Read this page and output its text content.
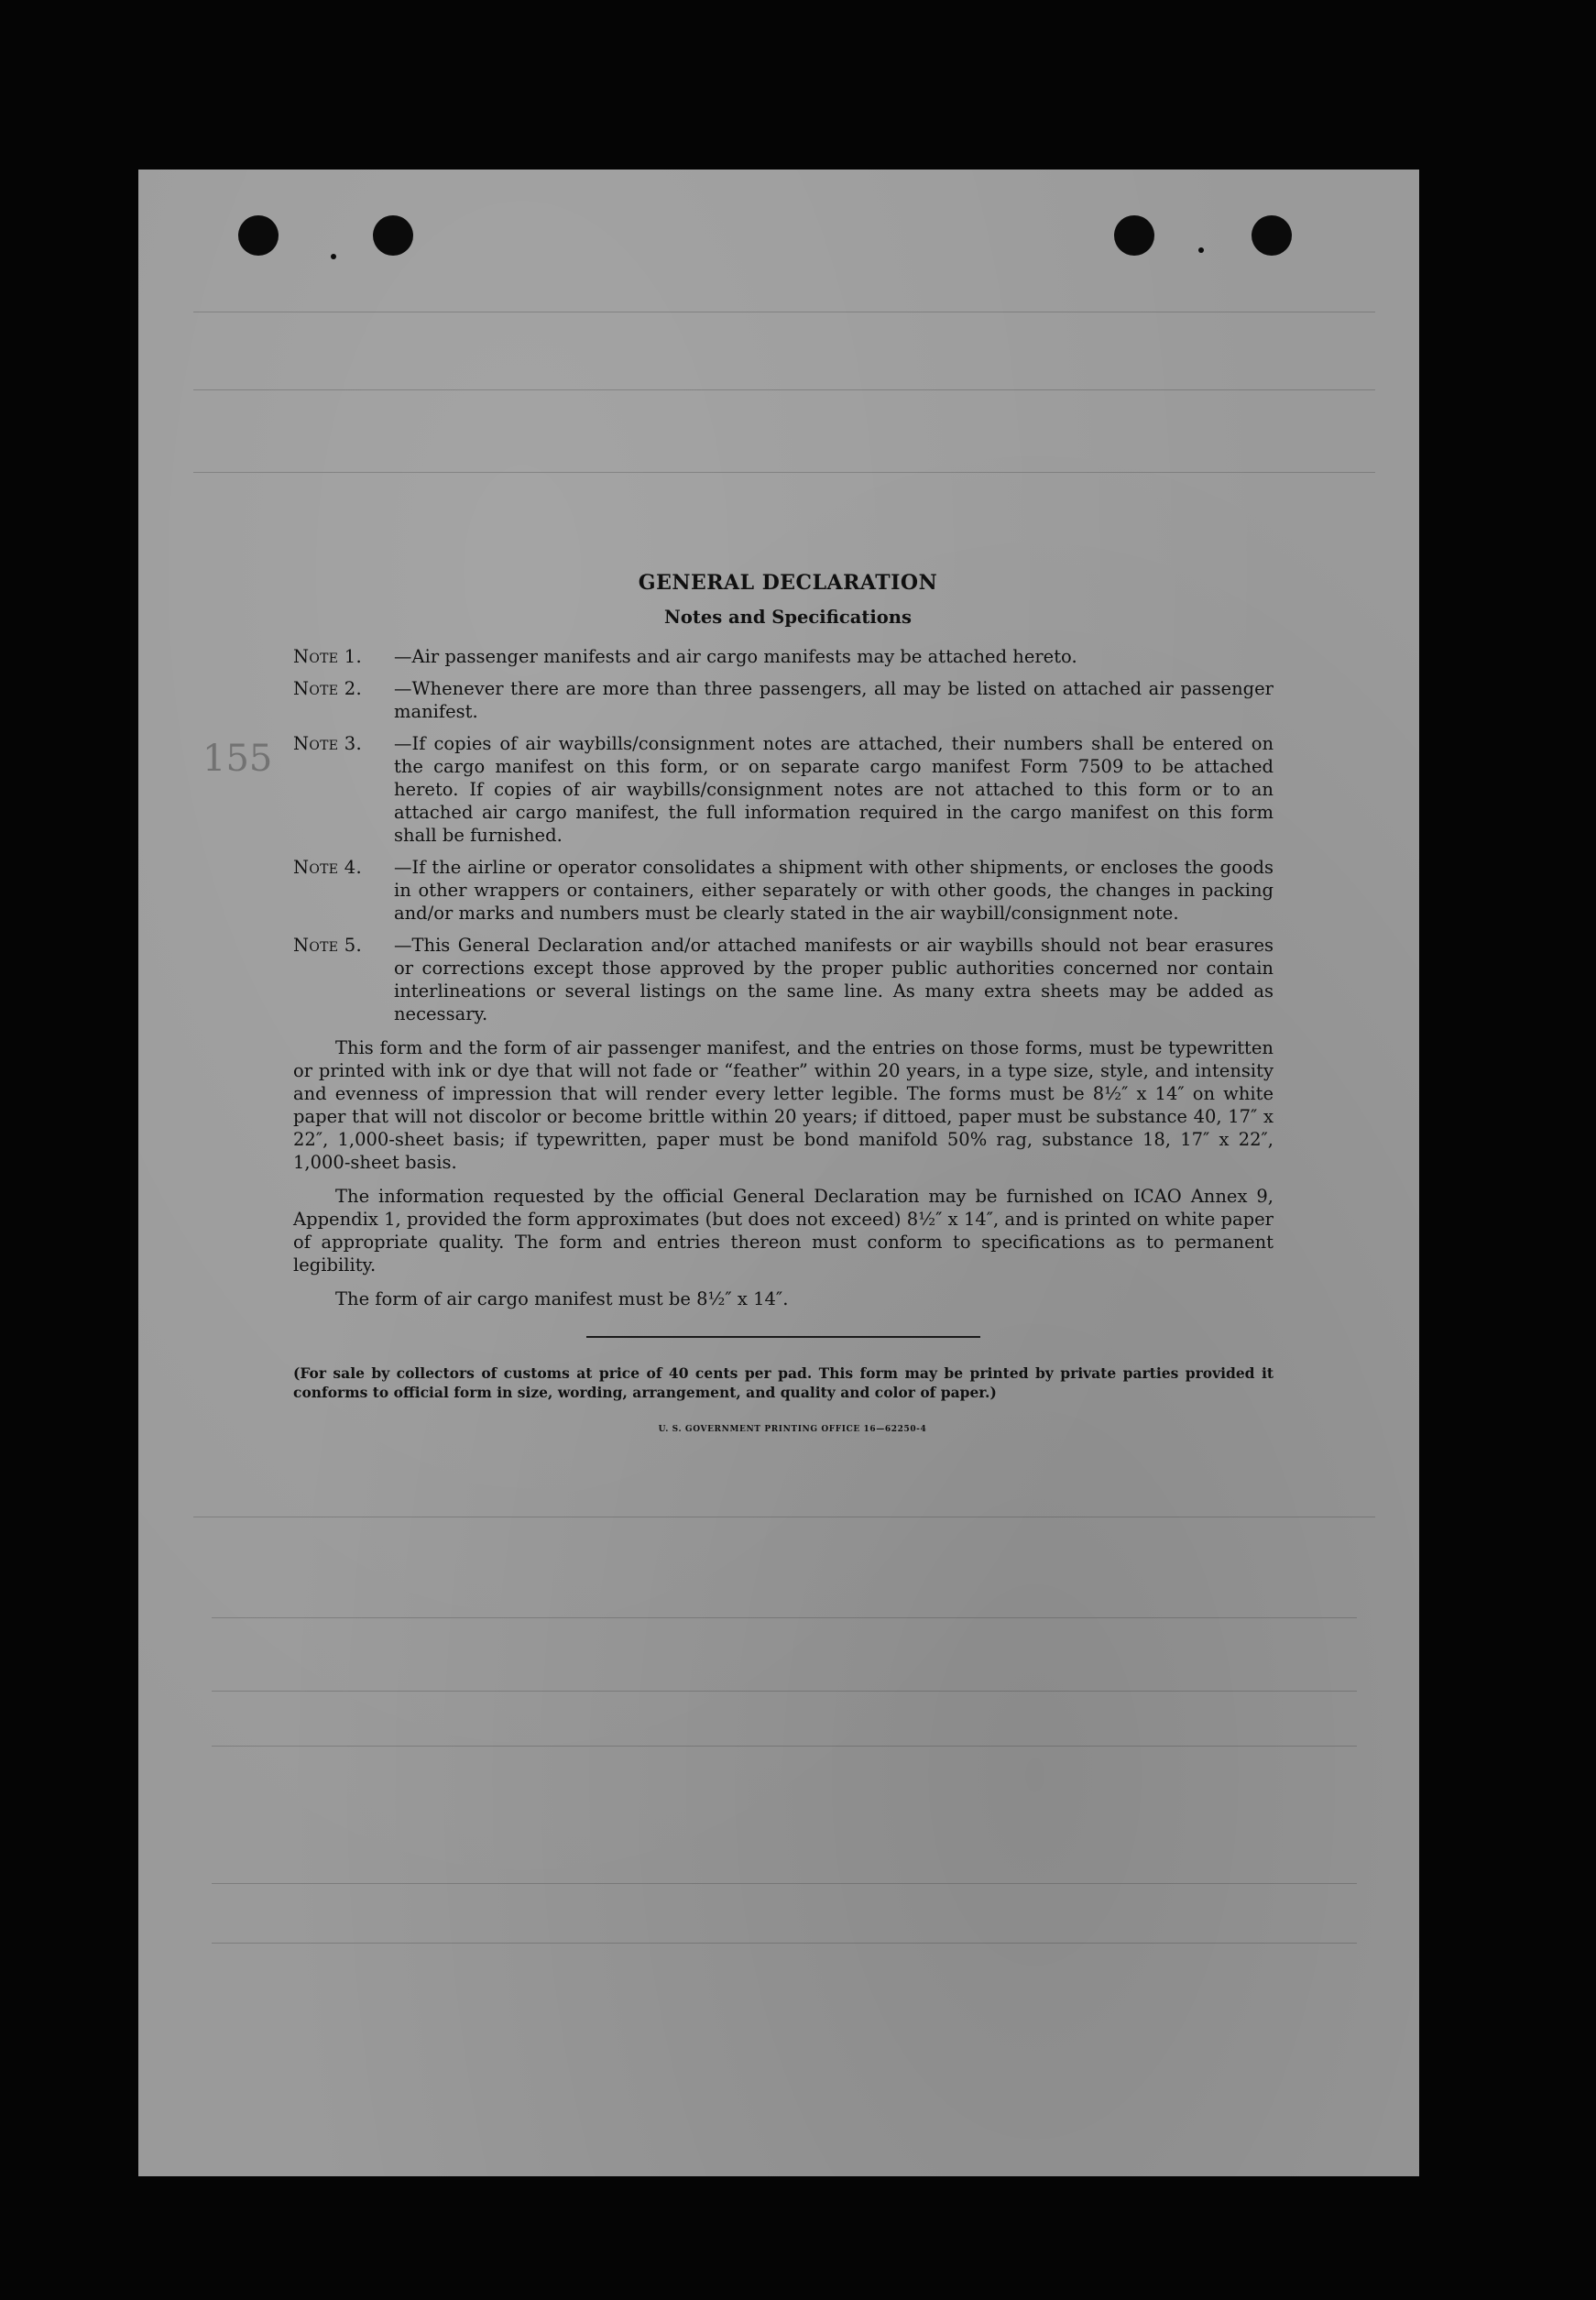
155
GENERAL DECLARATION
Notes and Specifications
Note 1.	—Air passenger manifests and air cargo manifests may be attached hereto.
Note 2.	—Whenever there are more than three passengers, all may be listed on attached air passenger manifest.
Note 3.	—If copies of air waybills/consignment notes are attached, their numbers shall be entered on the cargo manifest on this form, or on separate cargo manifest Form 7509 to be attached hereto. If copies of air waybills/consignment notes are not attached to this form or to an attached air cargo manifest, the full information required in the cargo manifest on this form shall be furnished.
Note 4.	—If the airline or operator consolidates a shipment with other shipments, or encloses the goods in other wrappers or containers, either separately or with other goods, the changes in packing and/or marks and numbers must be clearly stated in the air waybill/consignment note.
Note 5.	—This General Declaration and/or attached manifests or air waybills should not bear erasures or corrections except those approved by the proper public authorities concerned nor contain interlineations or several listings on the same line. As many extra sheets may be added as necessary.
This form and the form of air passenger manifest, and the entries on those forms, must be typewritten or printed with ink or dye that will not fade or “feather” within 20 years, in a type size, style, and intensity and evenness of impression that will render every letter legible. The forms must be 8½″ x 14″ on white paper that will not discolor or become brittle within 20 years; if dittoed, paper must be substance 40, 17″ x 22″, 1,000-sheet basis; if typewritten, paper must be bond manifold 50% rag, substance 18, 17″ x 22″, 1,000-sheet basis.
The information requested by the official General Declaration may be furnished on ICAO Annex 9, Appendix 1, provided the form approximates (but does not exceed) 8½″ x 14″, and is printed on white paper of appropriate quality. The form and entries thereon must conform to specifications as to permanent legibility.
The form of air cargo manifest must be 8½″ x 14″.
(For sale by collectors of customs at price of 40 cents per pad. This form may be printed by private parties provided it conforms to official form in size, wording, arrangement, and quality and color of paper.)
U. S. GOVERNMENT PRINTING OFFICE 16—62250-4
